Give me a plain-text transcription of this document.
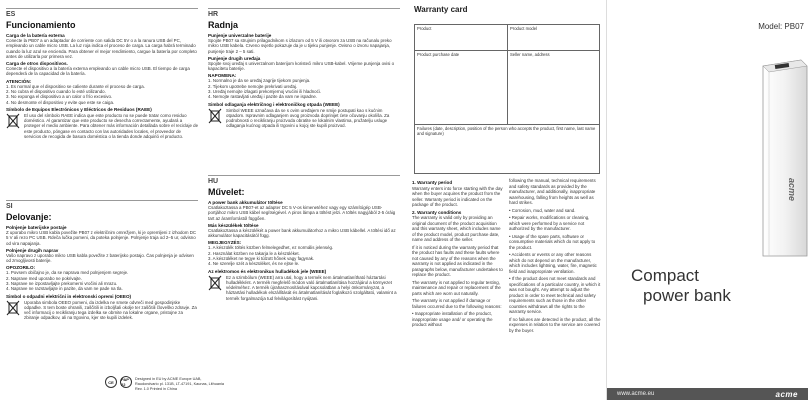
ES
Funcionamiento
Carga de la batería externa
Conecte la PB07 a un adaptador de corriente con salida DC 5V o a la ranura USB del PC, empleando un cable micro USB. La luz roja indica el proceso de carga. La carga habrá terminado cuando la luz azul se encienda. Para obtener el mejor rendimiento, cargue la batería por completo antes de utilizarla por primera vez.
Carga de otros dispositivos.
Conecte el dispositivo a la batería externa empleando un cable micro USB. El tiempo de carga dependerá de la capacidad de la batería.
ATENCIÓN:
1. Es normal que el dispositivo se caliente durante el proceso de carga.
2. No cubra el dispositivo cuando lo esté utilizando.
3. No exponga el dispositivo a un calor o frío excesivo.
4. No desmonte el dispositivo y evite que este se caiga.
Símbolo de Equipos Electrónicos y Eléctricos de Residuos (RAEE)
El uso del símbolo RAEE indica que este producto no se puede tratar como residuo doméstico. Al garantizar que este producto se desecha correctamente, ayudará a proteger el medio ambiente. Para obtener más información detallada sobre el reciclaje de este producto, póngase en contacto con las autoridades locales, el proveedor de servicios de recogida de basura doméstica o la tienda donde adquirió el producto.
SI
Delovanje:
Polnjenje baterijske postaje
Z uporabo mikro USB kabla povežite PB07 z električnim omrežjem, ki je opremljeni z izhodom DC 5 V ali rezo PC USB. Rdeča lučka pomeni, da poteka polnjenje. Polnjenje traja od 2–5 ur, odvisno od vira napajanja.
Polnjenje drugih naprav
Vašo napravo z uporabo mikro USB kabla povežite z baterijsko postajo. Čas polnjenja je odvisen od zmogljivosti baterije.
OPOZORILO:
1. Povsem običajno je, da se naprava med polnjenjem segreje.
2. Naprave med uporabo ne pokrivajte.
3. Naprave ne izpostavljajte prekomerni vročini ali mrazu.
4. Naprave ne razstavljajte in pazite, da vam ne pade na tla.
Simbol o odpadni električni in elektronski opremi (OEEO)
Uporaba simbola OEEO pomeni, da izdelka ne smete odvreči med gospodinjske odpadke. S tem boste ohranili, zaščitili in izboljšali okolje ter zaščitili človeško zdravje. Za več informacij o recikliranju tega izdelka se obrnite na lokalne organe, pristojne za zbiranje odpadkov, ali na trgovino, kjer ste kupili izdelek.
HR
Radnja
Punjenje univerzalne baterije
Spojite PB07 sa strujnim prilagodnikom s izlazom od 5 V ili otvorom za USB na računalu preko mikro USB kabela. Crveno svjetlo pokazuje da je u tijeku punjenje. Ovisno o izvoru napajanja, punjenje traje 2 – 5 sati.
Punjenje drugih uređaja
Spojite svoj uređaj s univerzalnom baterijom koristeći mikro USB-kabel. Vrijeme punjenja ovisi o kapacitetu baterije.
NAPOMENA:
1. Normalno je da se uređaj zagrije tijekom punjenja.
2. Tijekom upotrebe nemojte prekrivati uređaj.
3. Uređaj nemojte izlagati prekomjernoj vrućini ili hladnoći.
4. Nemojte rastavljati uređaj i pazite da vam ne ispadne.
Simbol odlaganja električnog i elektroničkog otpada (WEEE)
Simbol WEEE označava da se s ovim uređajem ne smije postupati kao s kućnim otpadom. Ispravnim odlaganjem ovog proizvoda doprinijet ćete očuvanju okoliša. Za podrobnosti o recikliranju proizvoda obratite se lokalnim vlastima, pružatelju usluge odlaganja kućnog otpada ili trgovini u kojoj ste kupili proizvod.
HU
Művelet:
A power bank akkumulátor töltése
Csatlakoztassa a PB07-et az adapter DC 5 V-os kimenetéhez vagy egy számítógép USB-portjához mikro USB kábel segítségével. A piros lámpa a töltést jelzi. A töltés nagyjából 2-5 óráig tart az áramforrástól függően.
Más készülékek töltése
Csatlakoztassa a készülékét a power bank akkumulátorhoz a mikro USB kábellel. A töltési idő az akkumulátor kapacitásától függ.
MEGJEGYZÉS:
1. A készülék töltés közben felmelegedhet, ez normális jelenség.
2. Használat közben ne takarja le a készüléket.
3. A készüléket ne tegye ki túlzott hőnek vagy fagynak.
4. Ne szerelje szét a készüléket, és ne ejtse le.
Az elektromos és elektronikus hulladékok jele (WEEE)
Ez a szimbólum (WEEE) arra utal, hogy a termék nem ártalmatlanítható háztartási hulladékként. A termék megfelelő módon való ártalmatlanítása hozzájárul a környezet védelméhez. A termék újrahasznosításával kapcsolatban a helyi önkormányzat, a háztartási hulladékok elszállítását és ártalmatlanítását foglalkozó szolgáltató, valamint a termék forgalmazója tud felvilágosítást nyújtani.
CE	PAP 22
Designed in EU by ACME Europe UAB,
Raudondvario pl. 131B, LT-47191, Kaunas, Lithuania
Rev. 1.0 Printed in China
Warranty card
Product	Product model
Product purchase date	Seller name, address
Failures (date, description, position of the person who accepts the product, first name, last name and signature)
1. Warranty period

Warranty enters into force starting with the day when the buyer acquires the product from the seller. Warranty period is indicated on the package of the product.

2. Warranty conditions

The warranty is valid only by providing an original document of the product acquisition and this warranty sheet, which includes name of the product model, product purchase date, name and address of the seller.

If it is noticed during the warranty period that the product has faults and these faults where not caused by any of the reasons when the warranty is not applied as indicated in the paragraphs below, manufacturer undertakes to replace the product.

The warranty is not applied to regular testing, maintenance and repair or replacement of the parts which are worn out naturally.

The warranty is not applied if damage or failures occurred due to the following reasons:

• Inappropriate installation of the product, inappropriate usage and/ or operating the product without

following the manual, technical requirements and safety standards as provided by the manufacturer, and additionally, inappropriate warehousing, falling from heights as well as hard strikes.

• Corrosion, mud, water and sand.

• Repair works, modifications or cleaning, which were performed by a service not authorized by the manufacturer.

• Usage of the spare parts, software or consumptive materials which do not apply to the product.

• Accidents or events or any other reasons which do not depend on the manufacturer, which includes lightning, water, fire, magnetic field and inappropriate ventilation.

• If the product does not meet standards and specifications of a particular country, in which it was not bought. Any attempt to adjust the product in order to meet technical and safety requirements such as those in the other countries withdraws all the rights to the warranty service.

If no failures are detected in the product, all the expenses in relation to the service are covered by the buyer.

Model: PB07
acme
Compact
power bank
www.acme.eu	acme
